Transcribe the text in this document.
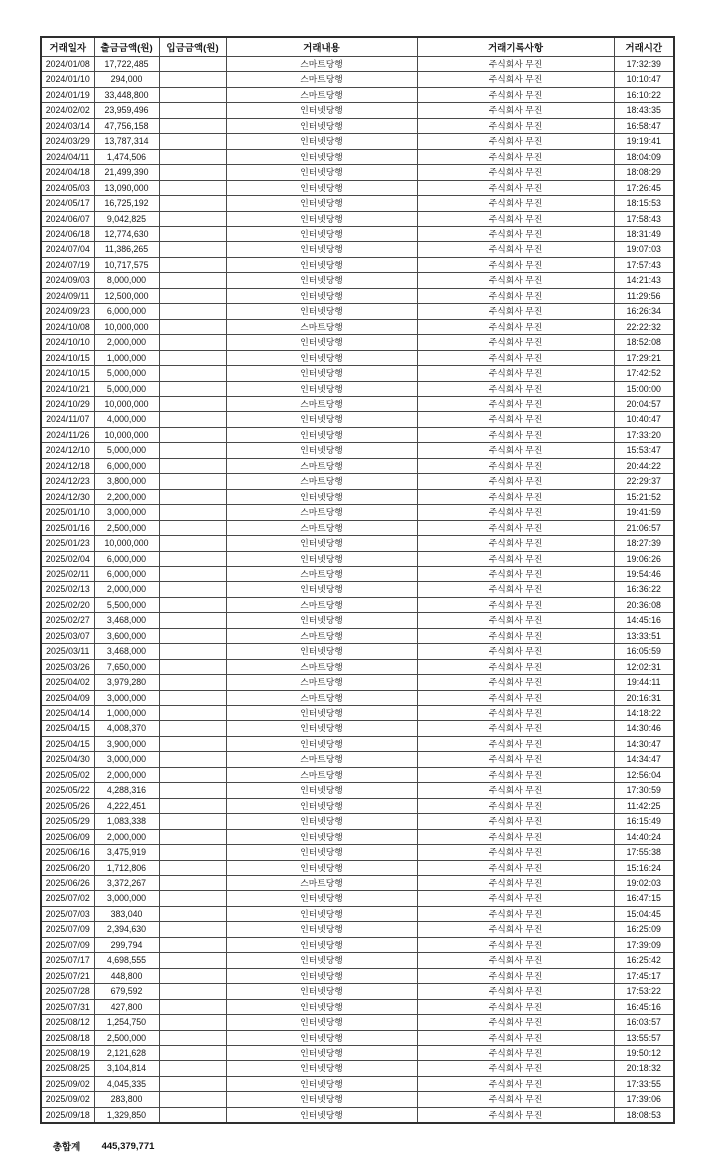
거래일자	출금금액(원)	입금금액(원)	거래내용	거래기록사항	거래시간
2024/01/08	17,722,485		스마트당행	주식회사 무진	17:32:39
2024/01/10	294,000		스마트당행	주식회사 무진	10:10:47
2024/01/19	33,448,800		스마트당행	주식회사 무진	16:10:22
2024/02/02	23,959,496		인터넷당행	주식회사 무진	18:43:35
2024/03/14	47,756,158		인터넷당행	주식회사 무진	16:58:47
2024/03/29	13,787,314		인터넷당행	주식회사 무진	19:19:41
2024/04/11	1,474,506		인터넷당행	주식회사 무진	18:04:09
2024/04/18	21,499,390		인터넷당행	주식회사 무진	18:08:29
2024/05/03	13,090,000		인터넷당행	주식회사 무진	17:26:45
2024/05/17	16,725,192		인터넷당행	주식회사 무진	18:15:53
2024/06/07	9,042,825		인터넷당행	주식회사 무진	17:58:43
2024/06/18	12,774,630		인터넷당행	주식회사 무진	18:31:49
2024/07/04	11,386,265		인터넷당행	주식회사 무진	19:07:03
2024/07/19	10,717,575		인터넷당행	주식회사 무진	17:57:43
2024/09/03	8,000,000		인터넷당행	주식회사 무진	14:21:43
2024/09/11	12,500,000		인터넷당행	주식회사 무진	11:29:56
2024/09/23	6,000,000		인터넷당행	주식회사 무진	16:26:34
2024/10/08	10,000,000		스마트당행	주식회사 무진	22:22:32
2024/10/10	2,000,000		인터넷당행	주식회사 무진	18:52:08
2024/10/15	1,000,000		인터넷당행	주식회사 무진	17:29:21
2024/10/15	5,000,000		인터넷당행	주식회사 무진	17:42:52
2024/10/21	5,000,000		인터넷당행	주식회사 무진	15:00:00
2024/10/29	10,000,000		스마트당행	주식회사 무진	20:04:57
2024/11/07	4,000,000		인터넷당행	주식회사 무진	10:40:47
2024/11/26	10,000,000		인터넷당행	주식회사 무진	17:33:20
2024/12/10	5,000,000		인터넷당행	주식회사 무진	15:53:47
2024/12/18	6,000,000		스마트당행	주식회사 무진	20:44:22
2024/12/23	3,800,000		스마트당행	주식회사 무진	22:29:37
2024/12/30	2,200,000		인터넷당행	주식회사 무진	15:21:52
2025/01/10	3,000,000		스마트당행	주식회사 무진	19:41:59
2025/01/16	2,500,000		스마트당행	주식회사 무진	21:06:57
2025/01/23	10,000,000		인터넷당행	주식회사 무진	18:27:39
2025/02/04	6,000,000		인터넷당행	주식회사 무진	19:06:26
2025/02/11	6,000,000		스마트당행	주식회사 무진	19:54:46
2025/02/13	2,000,000		인터넷당행	주식회사 무진	16:36:22
2025/02/20	5,500,000		스마트당행	주식회사 무진	20:36:08
2025/02/27	3,468,000		인터넷당행	주식회사 무진	14:45:16
2025/03/07	3,600,000		스마트당행	주식회사 무진	13:33:51
2025/03/11	3,468,000		인터넷당행	주식회사 무진	16:05:59
2025/03/26	7,650,000		스마트당행	주식회사 무진	12:02:31
2025/04/02	3,979,280		스마트당행	주식회사 무진	19:44:11
2025/04/09	3,000,000		스마트당행	주식회사 무진	20:16:31
2025/04/14	1,000,000		인터넷당행	주식회사 무진	14:18:22
2025/04/15	4,008,370		인터넷당행	주식회사 무진	14:30:46
2025/04/15	3,900,000		인터넷당행	주식회사 무진	14:30:47
2025/04/30	3,000,000		스마트당행	주식회사 무진	14:34:47
2025/05/02	2,000,000		스마트당행	주식회사 무진	12:56:04
2025/05/22	4,288,316		인터넷당행	주식회사 무진	17:30:59
2025/05/26	4,222,451		인터넷당행	주식회사 무진	11:42:25
2025/05/29	1,083,338		인터넷당행	주식회사 무진	16:15:49
2025/06/09	2,000,000		인터넷당행	주식회사 무진	14:40:24
2025/06/16	3,475,919		인터넷당행	주식회사 무진	17:55:38
2025/06/20	1,712,806		인터넷당행	주식회사 무진	15:16:24
2025/06/26	3,372,267		스마트당행	주식회사 무진	19:02:03
2025/07/02	3,000,000		인터넷당행	주식회사 무진	16:47:15
2025/07/03	383,040		인터넷당행	주식회사 무진	15:04:45
2025/07/09	2,394,630		인터넷당행	주식회사 무진	16:25:09
2025/07/09	299,794		인터넷당행	주식회사 무진	17:39:09
2025/07/17	4,698,555		인터넷당행	주식회사 무진	16:25:42
2025/07/21	448,800		인터넷당행	주식회사 무진	17:45:17
2025/07/28	679,592		인터넷당행	주식회사 무진	17:53:22
2025/07/31	427,800		인터넷당행	주식회사 무진	16:45:16
2025/08/12	1,254,750		인터넷당행	주식회사 무진	16:03:57
2025/08/18	2,500,000		인터넷당행	주식회사 무진	13:55:57
2025/08/19	2,121,628		인터넷당행	주식회사 무진	19:50:12
2025/08/25	3,104,814		인터넷당행	주식회사 무진	20:18:32
2025/09/02	4,045,335		인터넷당행	주식회사 무진	17:33:55
2025/09/02	283,800		인터넷당행	주식회사 무진	17:39:06
2025/09/18	1,329,850		인터넷당행	주식회사 무진	18:08:53
총합계	445,379,771
